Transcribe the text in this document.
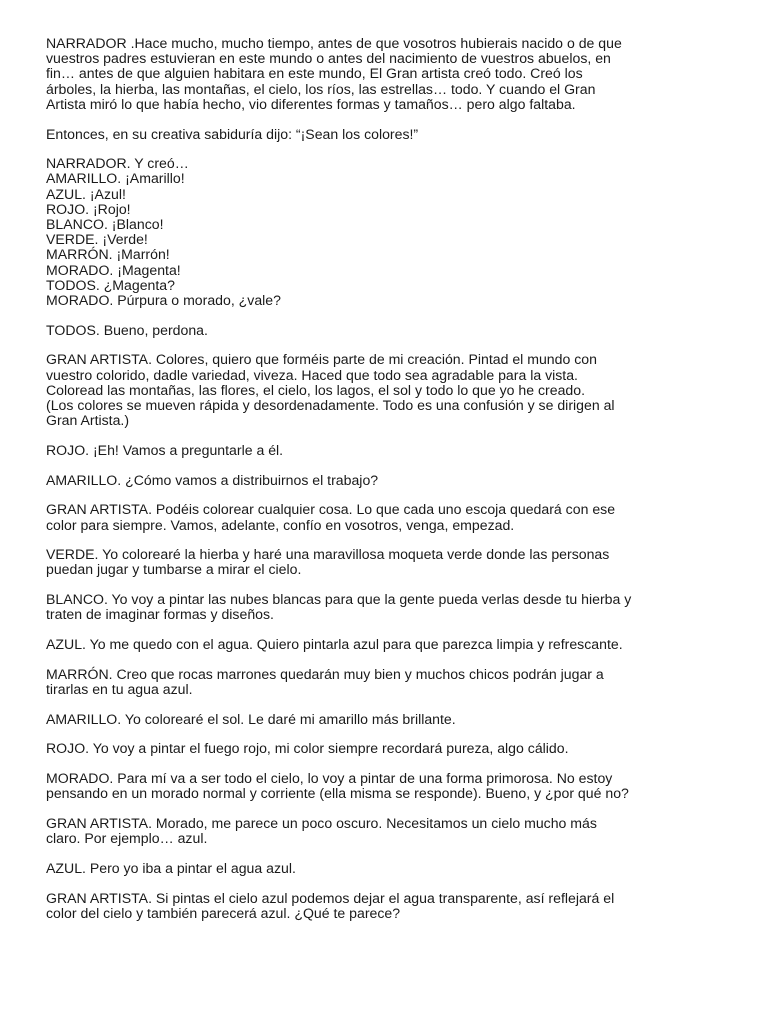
NARRADOR .Hace mucho, mucho tiempo, antes de que vosotros hubierais nacido o de que
vuestros padres estuvieran en este mundo o antes del nacimiento de vuestros abuelos, en
fin… antes de que alguien habitara en este mundo, El Gran artista creó todo. Creó los
árboles, la hierba, las montañas, el cielo, los ríos, las estrellas… todo. Y cuando el Gran
Artista miró lo que había hecho, vio diferentes formas y tamaños… pero algo faltaba.
Entonces, en su creativa sabiduría dijo: “¡Sean los colores!”
NARRADOR. Y creó…
AMARILLO. ¡Amarillo!
AZUL. ¡Azul!
ROJO. ¡Rojo!
BLANCO. ¡Blanco!
VERDE. ¡Verde!
MARRÓN. ¡Marrón!
MORADO. ¡Magenta!
TODOS. ¿Magenta?
MORADO. Púrpura o morado, ¿vale?
TODOS. Bueno, perdona.
GRAN ARTISTA. Colores, quiero que forméis parte de mi creación. Pintad el mundo con
vuestro colorido, dadle variedad, viveza. Haced que todo sea agradable para la vista.
Coloread las montañas, las flores, el cielo, los lagos, el sol y todo lo que yo he creado.
(Los colores se mueven rápida y desordenadamente. Todo es una confusión y se dirigen al
Gran Artista.)
ROJO. ¡Eh! Vamos a preguntarle a él.
AMARILLO. ¿Cómo vamos a distribuirnos el trabajo?
GRAN ARTISTA. Podéis colorear cualquier cosa. Lo que cada uno escoja quedará con ese
color para siempre. Vamos, adelante, confío en vosotros, venga, empezad.
VERDE. Yo colorearé la hierba y haré una maravillosa moqueta verde donde las personas
puedan jugar y tumbarse a mirar el cielo.
BLANCO. Yo voy a pintar las nubes blancas para que la gente pueda verlas desde tu hierba y
traten de imaginar formas y diseños.
AZUL. Yo me quedo con el agua. Quiero pintarla azul para que parezca limpia y refrescante.
MARRÓN. Creo que rocas marrones quedarán muy bien y muchos chicos podrán jugar a
tirarlas en tu agua azul.
AMARILLO. Yo colorearé el sol. Le daré mi amarillo más brillante.
ROJO. Yo voy a pintar el fuego rojo, mi color siempre recordará pureza, algo cálido.
MORADO. Para mí va a ser todo el cielo, lo voy a pintar de una forma primorosa. No estoy
pensando en un morado normal y corriente (ella misma se responde). Bueno, y ¿por qué no?
GRAN ARTISTA. Morado, me parece un poco oscuro. Necesitamos un cielo mucho más
claro. Por ejemplo… azul.
AZUL. Pero yo iba a pintar el agua azul.
GRAN ARTISTA. Si pintas el cielo azul podemos dejar el agua transparente, así reflejará el
color del cielo y también parecerá azul. ¿Qué te parece?
